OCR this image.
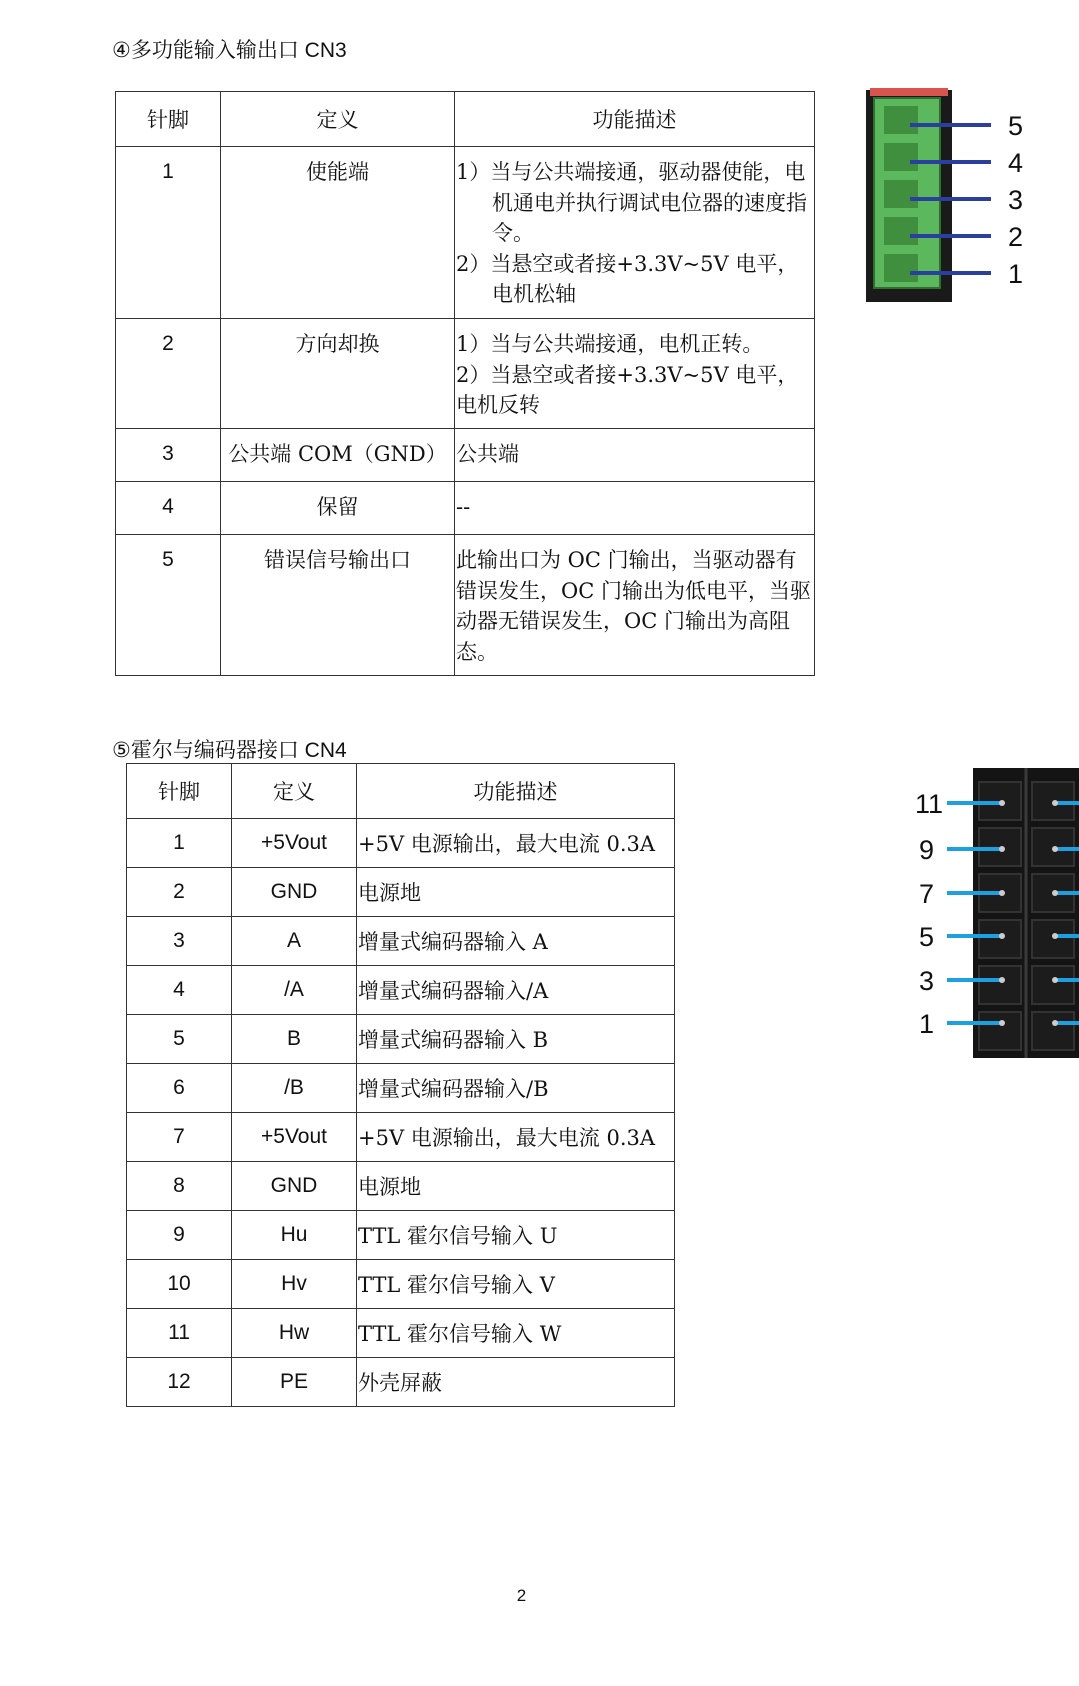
④多功能输入输出口 CN3
针脚	定义	功能描述
1	使能端	1）当与公共端接通，驱动器使能，电机通电并执行调试电位器的速度指令。
2）当悬空或者接+3.3V~5V 电平，电机松轴

2	方向却换	1）当与公共端接通，电机正转。
2）当悬空或者接+3.3V~5V 电平，电机反转

3	公共端 COM（GND）	公共端
4	保留	--
5	错误信号输出口	此输出口为 OC 门输出，当驱动器有错误发生，OC 门输出为低电平，当驱动器无错误发生，OC 门输出为高阻态。
5
4
3
2
1
⑤霍尔与编码器接口 CN4
针脚	定义	功能描述
1	+5Vout	+5V 电源输出，最大电流 0.3A
2	GND	电源地
3	A	增量式编码器输入 A
4	/A	增量式编码器输入/A
5	B	增量式编码器输入 B
6	/B	增量式编码器输入/B
7	+5Vout	+5V 电源输出，最大电流 0.3A
8	GND	电源地
9	Hu	TTL 霍尔信号输入 U
10	Hv	TTL 霍尔信号输入 V
11	Hw	TTL 霍尔信号输入 W
12	PE	外壳屏蔽
11
9
7
5
3
1
2
